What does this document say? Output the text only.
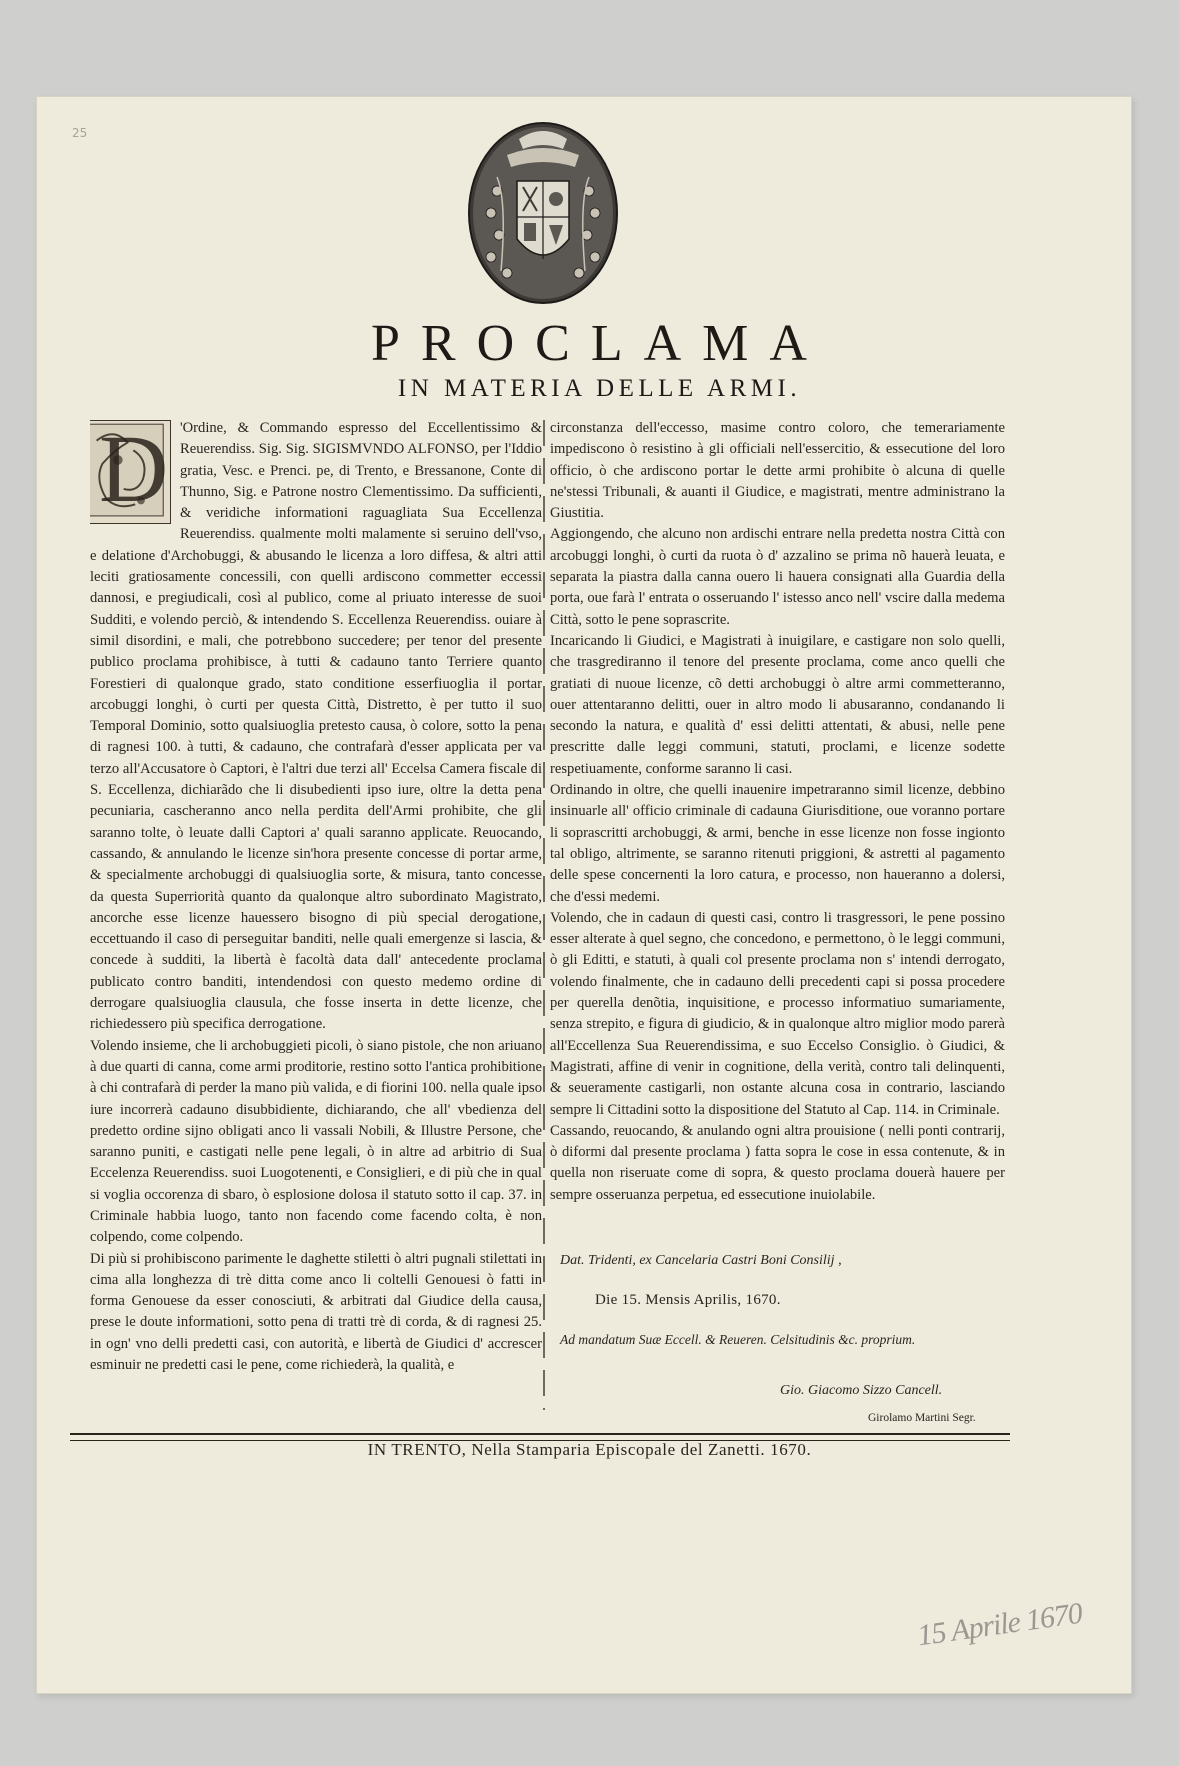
25
PROCLAMA
IN MATERIA DELLE ARMI.
D 'Ordine, & Commando espresso del Eccellentissimo & Reuerendiss. Sig. Sig. SIGISMVNDO ALFONSO, per l'Iddio gratia, Vesc. e Prenci. pe, di Trento, e Bressanone, Conte di Thunno, Sig. e Patrone nostro Clementissimo. Da sufficienti, & veridiche informationi raguagliata Sua Eccellenza Reuerendiss. qualmente molti malamente si seruino dell'vso, e delatione d'Archobuggi, & abusando le licenza a loro diffesa, & altri atti leciti gratiosamente concessili, con quelli ardiscono commetter eccessi dannosi, e pregiudicali, così al publico, come al priuato interesse de suoi Sudditi, e volendo perciò, & intendendo S. Eccellenza Reuerendiss. ouiare à simil disordini, e mali, che potrebbono succedere; per tenor del presente publico proclama prohibisce, à tutti & cadauno tanto Terriere quanto Forestieri di qualonque grado, stato conditione esserfiuoglia il portar arcobuggi longhi, ò curti per questa Città, Distretto, è per tutto il suo Temporal Dominio, sotto qualsiuoglia pretesto causa, ò colore, sotto la pena di ragnesi 100. à tutti, & cadauno, che contrafarà d'esser applicata per va terzo all'Accusatore ò Captori, è l'altri due terzi all' Eccelsa Camera fiscale di S. Eccellenza, dichiarãdo che li disubedienti ipso iure, oltre la detta pena pecuniaria, cascheranno anco nella perdita dell'Armi prohibite, che gli saranno tolte, ò leuate dalli Captori a' quali saranno applicate. Reuocando, cassando, & annulando le licenze sin'hora presente concesse di portar arme, & specialmente archobuggi di qualsiuoglia sorte, & misura, tanto concesse da questa Superriorità quanto da qualonque altro subordinato Magistrato, ancorche esse licenze hauessero bisogno di più special derogatione, eccettuando il caso di perseguitar banditi, nelle quali emergenze si lascia, & concede à sudditi, la libertà è facoltà data dall' antecedente proclama publicato contro banditi, intendendosi con questo medemo ordine di derrogare qualsiuoglia clausula, che fosse inserta in dette licenze, che richiedessero più specifica derrogatione.

Volendo insieme, che li archobuggieti picoli, ò siano pistole, che non ariuano à due quarti di canna, come armi proditorie, restino sotto l'antica prohibitione à chi contrafarà di perder la mano più valida, e di fiorini 100. nella quale ipso iure incorrerà cadauno disubbidiente, dichiarando, che all' vbedienza del predetto ordine sijno obligati anco li vassali Nobili, & Illustre Persone, che saranno puniti, e castigati nelle pene legali, ò in altre ad arbitrio di Sua Eccelenza Reuerendiss. suoi Luogotenenti, e Consiglieri, e di più che in qual si voglia occorenza di sbaro, ò esplosione dolosa il statuto sotto il cap. 37. in Criminale habbia luogo, tanto non facendo come facendo colta, è non colpendo, come colpendo.

Di più si prohibiscono parimente le daghette stiletti ò altri pugnali stilettati in cima alla longhezza di trè ditta come anco li coltelli Genouesi ò fatti in forma Genouese da esser conosciuti, & arbitrati dal Giudice della causa, prese le doute informationi, sotto pena di tratti trè di corda, & di ragnesi 25. in ogn' vno delli predetti casi, con autorità, e libertà de Giudici d' accrescer esminuir ne predetti casi le pene, come richiederà, la qualità, e

circonstanza dell'eccesso, masime contro coloro, che temerariamente impediscono ò resistino à gli officiali nell'essercitio, & essecutione del loro officio, ò che ardiscono portar le dette armi prohibite ò alcuna di quelle ne'stessi Tribunali, & auanti il Giudice, e magistrati, mentre administrano la Giustitia.

Aggiongendo, che alcuno non ardischi entrare nella predetta nostra Città con arcobuggi longhi, ò curti da ruota ò d' azzalino se prima nõ hauerà leuata, e separata la piastra dalla canna ouero li hauera consignati alla Guardia della porta, oue farà l' entrata o osseruando l' istesso anco nell' vscire dalla medema Città, sotto le pene soprascrite.

Incaricando li Giudici, e Magistrati à inuigilare, e castigare non solo quelli, che trasgrediranno il tenore del presente proclama, come anco quelli che gratiati di nuoue licenze, cõ detti archobuggi ò altre armi commetteranno, ouer attentaranno delitti, ouer in altro modo li abusaranno, condanando li secondo la natura, e qualità d' essi delitti attentati, & abusi, nelle pene prescritte dalle leggi communi, statuti, proclami, e licenze sodette respetiuamente, conforme saranno li casi.

Ordinando in oltre, che quelli inauenire impetraranno simil licenze, debbino insinuarle all' officio criminale di cadauna Giurisditione, oue voranno portare li soprascritti archobuggi, & armi, benche in esse licenze non fosse ingionto tal obligo, altrimente, se saranno ritenuti priggioni, & astretti al pagamento delle spese concernenti la loro catura, e processo, non haueranno a dolersi, che d'essi medemi.

Volendo, che in cadaun di questi casi, contro li trasgressori, le pene possino esser alterate à quel segno, che concedono, e permettono, ò le leggi communi, ò gli Editti, e statuti, à quali col presente proclama non s' intendi derrogato, volendo finalmente, che in cadauno delli precedenti capi si possa procedere per querella denõtia, inquisitione, e processo informatiuo sumariamente, senza strepito, e figura di giudicio, & in qualonque altro miglior modo parerà all'Eccellenza Sua Reuerendissima, e suo Eccelso Consiglio. ò Giudici, & Magistrati, affine di venir in cognitione, della verità, contro tali delinquenti, & seueramente castigarli, non ostante alcuna cosa in contrario, lasciando sempre li Cittadini sotto la dispositione del Statuto al Cap. 114. in Criminale.

Cassando, reuocando, & anulando ogni altra prouisione ( nelli ponti contrarij, ò diformi dal presente proclama ) fatta sopra le cose in essa contenute, & in quella non riseruate come di sopra, & questo proclama douerà hauere per sempre osseruanza perpetua, ed essecutione inuiolabile.

Dat. Tridenti, ex Cancelaria Castri Boni Consilij ,
Die 15. Mensis Aprilis, 1670.
Ad mandatum Suæ Eccell. & Reueren. Celsitudinis &c. proprium.
Gio. Giacomo Sizzo Cancell.
Girolamo Martini Segr.
IN TRENTO, Nella Stamparia Episcopale del Zanetti. 1670.
15 Aprile 1670
